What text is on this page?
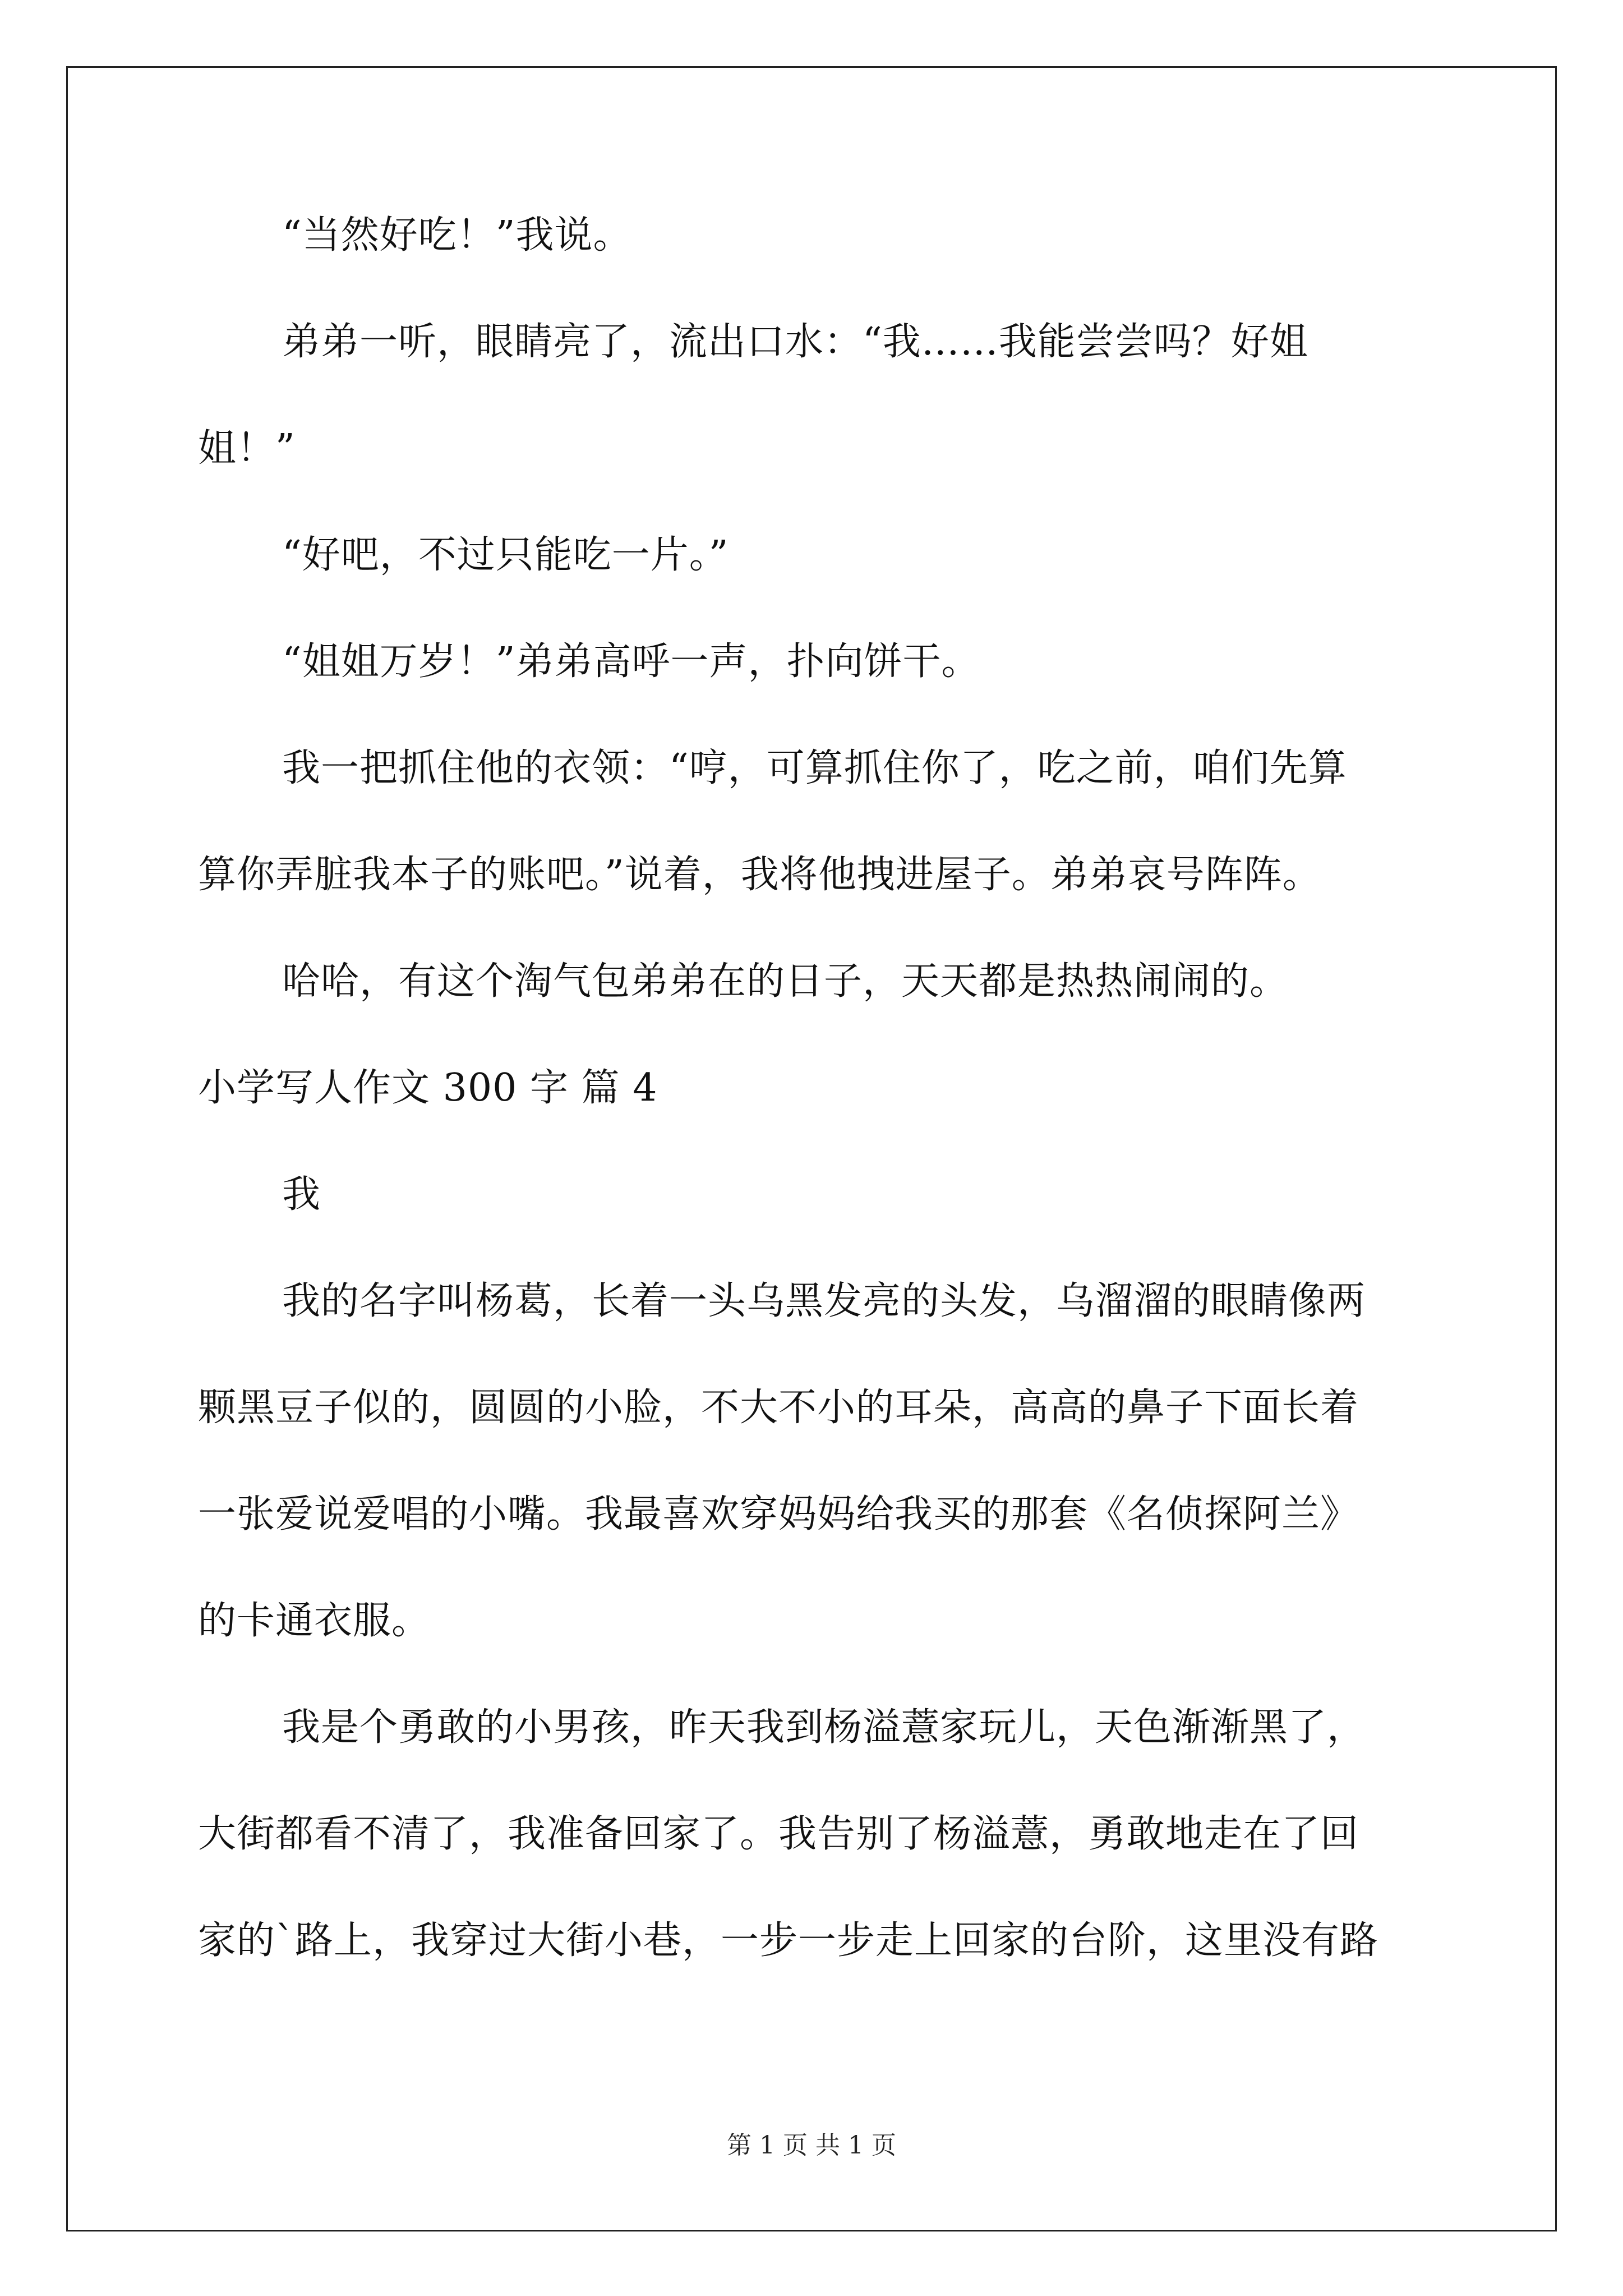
“当然好吃！”我说。
弟弟一听，眼睛亮了，流出口水：“我……我能尝尝吗？好姐
姐！”
“好吧，不过只能吃一片。”
“姐姐万岁！”弟弟高呼一声，扑向饼干。
我一把抓住他的衣领：“哼，可算抓住你了，吃之前，咱们先算
算你弄脏我本子的账吧。”说着，我将他拽进屋子。弟弟哀号阵阵。
哈哈，有这个淘气包弟弟在的日子，天天都是热热闹闹的。
小学写人作文 300 字 篇 4
我
我的名字叫杨葛，长着一头乌黑发亮的头发，乌溜溜的眼睛像两
颗黑豆子似的，圆圆的小脸，不大不小的耳朵，高高的鼻子下面长着
一张爱说爱唱的小嘴。我最喜欢穿妈妈给我买的那套《名侦探阿兰》
的卡通衣服。
我是个勇敢的小男孩，昨天我到杨溢薏家玩儿，天色渐渐黑了，
大街都看不清了，我准备回家了。我告别了杨溢薏，勇敢地走在了回
家的`路上，我穿过大街小巷，一步一步走上回家的台阶，这里没有路
第 1 页 共 1 页
